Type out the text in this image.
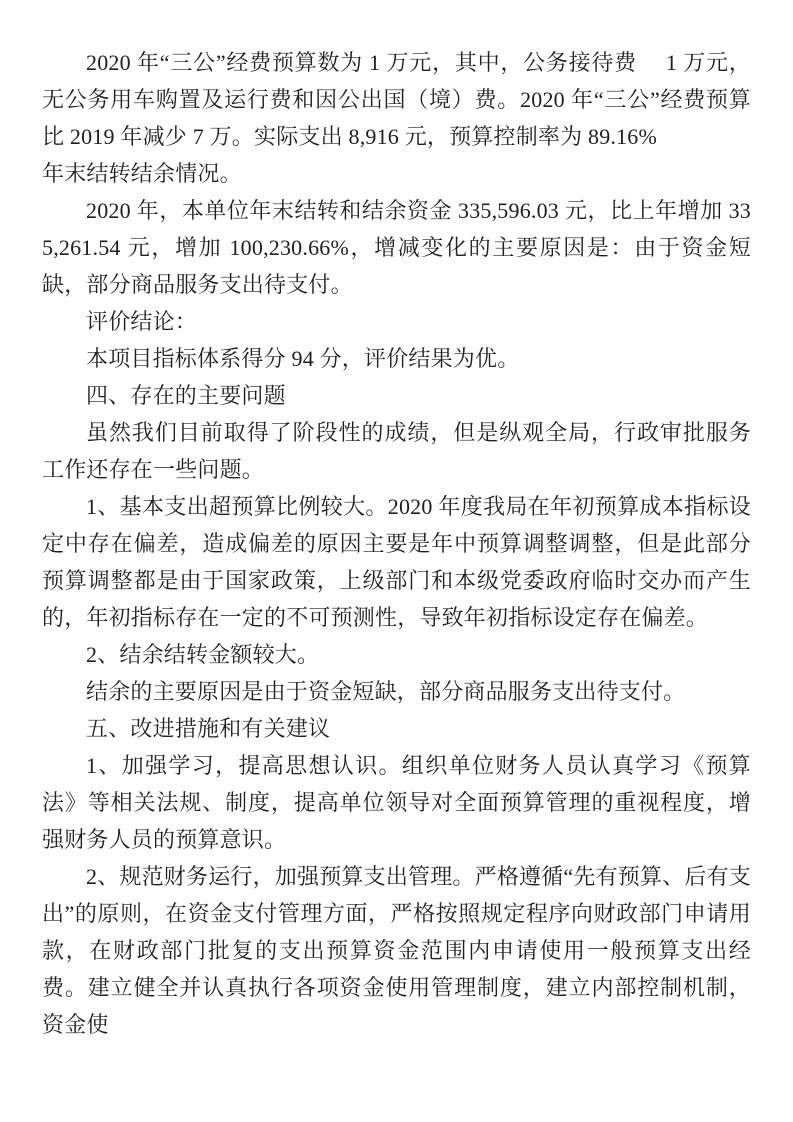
2020 年“三公”经费预算数为 1 万元，其中，公务接待费　 1 万元，无公务用车购置及运行费和因公出国（境）费。2020 年“三公”经费预算比 2019 年减少 7 万。实际支出 8,916 元，预算控制率为 89.16%

年末结转结余情况。

2020 年，本单位年末结转和结余资金 335,596.03 元，比上年增加 335,261.54 元，增加 100,230.66%，增减变化的主要原因是：由于资金短缺，部分商品服务支出待支付。

评价结论：

本项目指标体系得分 94 分，评价结果为优。

四、存在的主要问题

虽然我们目前取得了阶段性的成绩，但是纵观全局，行政审批服务工作还存在一些问题。

1、基本支出超预算比例较大。2020 年度我局在年初预算成本指标设定中存在偏差，造成偏差的原因主要是年中预算调整调整，但是此部分预算调整都是由于国家政策，上级部门和本级党委政府临时交办而产生的，年初指标存在一定的不可预测性，导致年初指标设定存在偏差。

2、结余结转金额较大。

结余的主要原因是由于资金短缺，部分商品服务支出待支付。

五、改进措施和有关建议

1、加强学习，提高思想认识。组织单位财务人员认真学习《预算法》等相关法规、制度，提高单位领导对全面预算管理的重视程度，增强财务人员的预算意识。

2、规范财务运行，加强预算支出管理。严格遵循“先有预算、后有支出”的原则，在资金支付管理方面，严格按照规定程序向财政部门申请用款，在财政部门批复的支出预算资金范围内申请使用一般预算支出经费。建立健全并认真执行各项资金使用管理制度，建立内部控制机制，资金使
